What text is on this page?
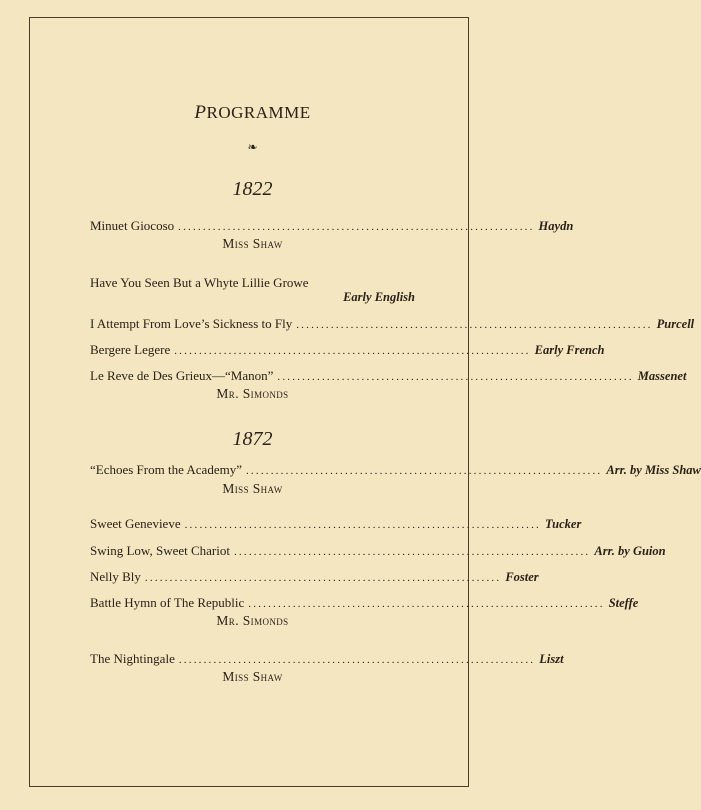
PROGRAMME
❧
1822
Minuet Giocoso ........................................................................ Haydn
Miss Shaw
Have You Seen But a Whyte Lillie Growe
Early English
I Attempt From Love’s Sickness to Fly ........................................................................ Purcell
Bergere Legere ........................................................................ Early French
Le Reve de Des Grieux—“Manon” ........................................................................ Massenet
Mr. Simonds
1872
“Echoes From the Academy” ........................................................................ Arr. by Miss Shaw
Miss Shaw
Sweet Genevieve ........................................................................ Tucker
Swing Low, Sweet Chariot ........................................................................ Arr. by Guion
Nelly Bly ........................................................................ Foster
Battle Hymn of The Republic ........................................................................ Steffe
Mr. Simonds
The Nightingale ........................................................................ Liszt
Miss Shaw
